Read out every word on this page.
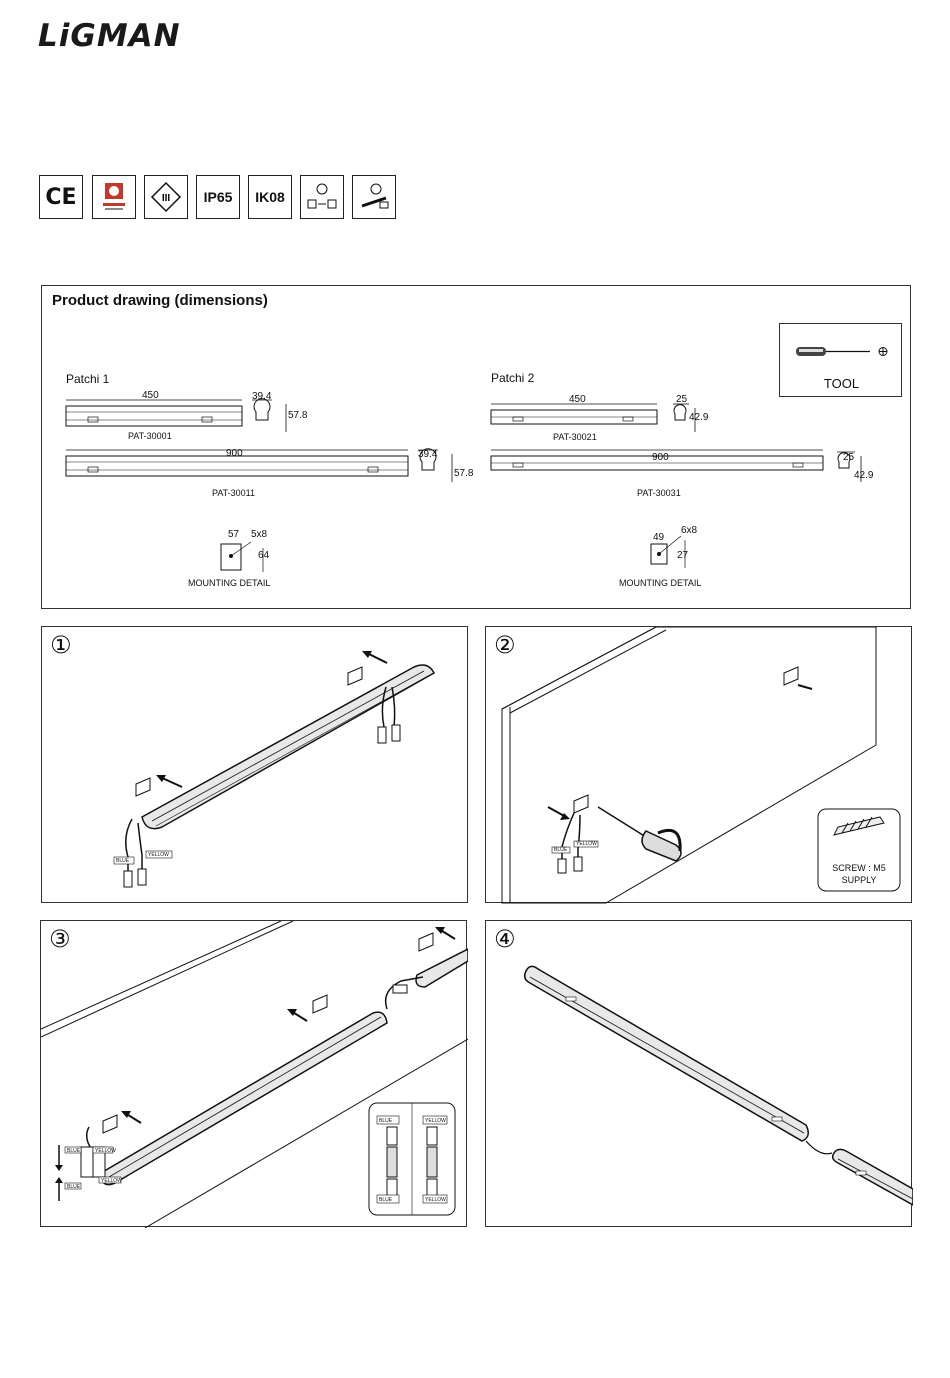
LiGMAN
CE	III IP65 IK08
Product drawing (dimensions)
TOOL
Patchi 1
450	39.4
57.8
PAT-30001
900	39.4
57.8
PAT-30011
57 5x8
64
MOUNTING DETAIL
Patchi 2
450	25
42.9
PAT-30021
900	25
42.9
PAT-30031
49
6x8
27
MOUNTING DETAIL
①
BLUE
YELLOW
②
BLUE
YELLOW
SCREW : M5
SUPPLY
③
BLUE	YELLOW
BLUE
YELLOW
BLUE	YELLOW
BLUE	YELLOW
④
